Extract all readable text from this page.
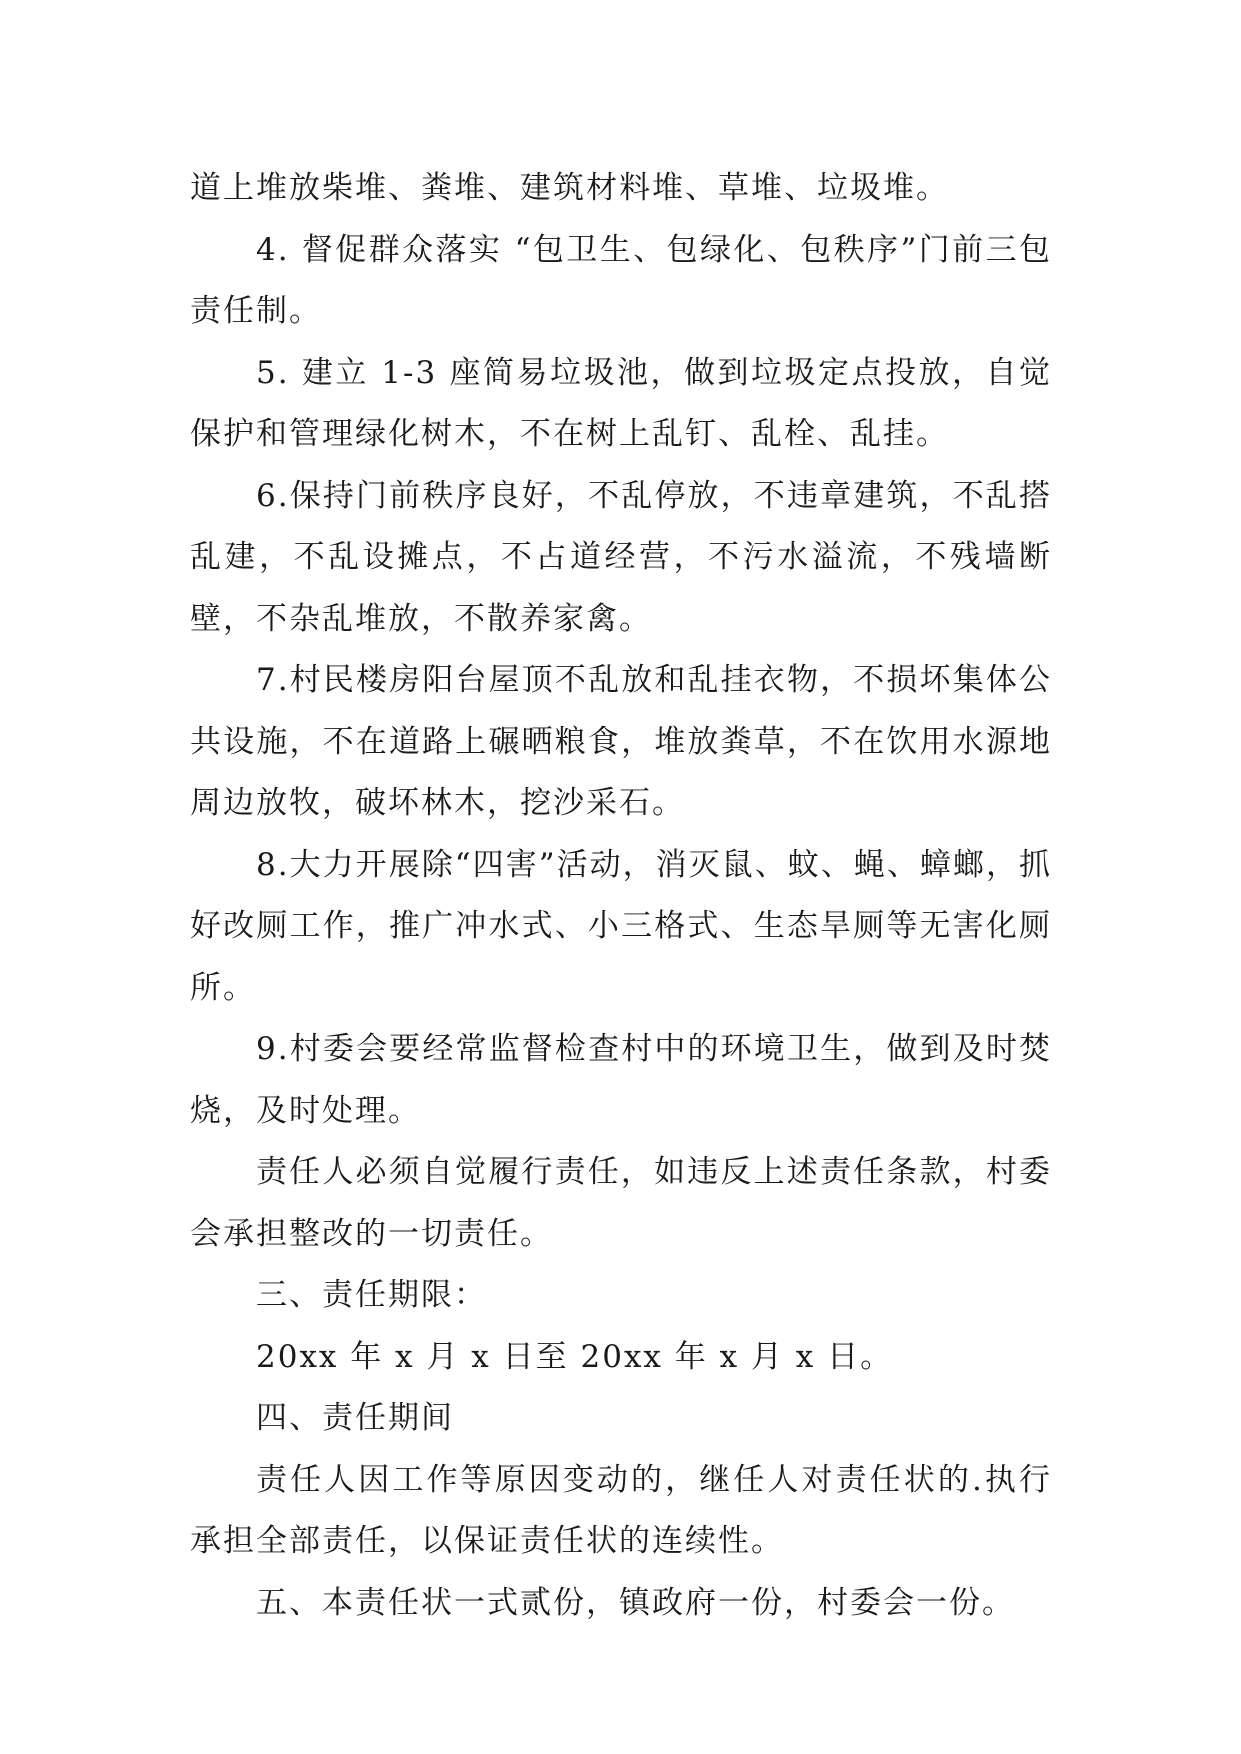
道上堆放柴堆、粪堆、建筑材料堆、草堆、垃圾堆。

4. 督促群众落实 “包卫生、包绿化、包秩序”门前三包责任制。

5. 建立 1-3 座简易垃圾池，做到垃圾定点投放，自觉保护和管理绿化树木，不在树上乱钉、乱栓、乱挂。

6.保持门前秩序良好，不乱停放，不违章建筑，不乱搭乱建，不乱设摊点，不占道经营，不污水溢流，不残墙断壁，不杂乱堆放，不散养家禽。

7.村民楼房阳台屋顶不乱放和乱挂衣物，不损坏集体公共设施，不在道路上碾晒粮食，堆放粪草，不在饮用水源地周边放牧，破坏林木，挖沙采石。

8.大力开展除“四害”活动，消灭鼠、蚊、蝇、蟑螂，抓好改厕工作，推广冲水式、小三格式、生态旱厕等无害化厕所。

9.村委会要经常监督检查村中的环境卫生，做到及时焚烧，及时处理。

责任人必须自觉履行责任，如违反上述责任条款，村委会承担整改的一切责任。

三、责任期限：

20xx 年 x 月 x 日至 20xx 年 x 月 x 日。

四、责任期间

责任人因工作等原因变动的，继任人对责任状的.执行承担全部责任，以保证责任状的连续性。

五、本责任状一式贰份，镇政府一份，村委会一份。
